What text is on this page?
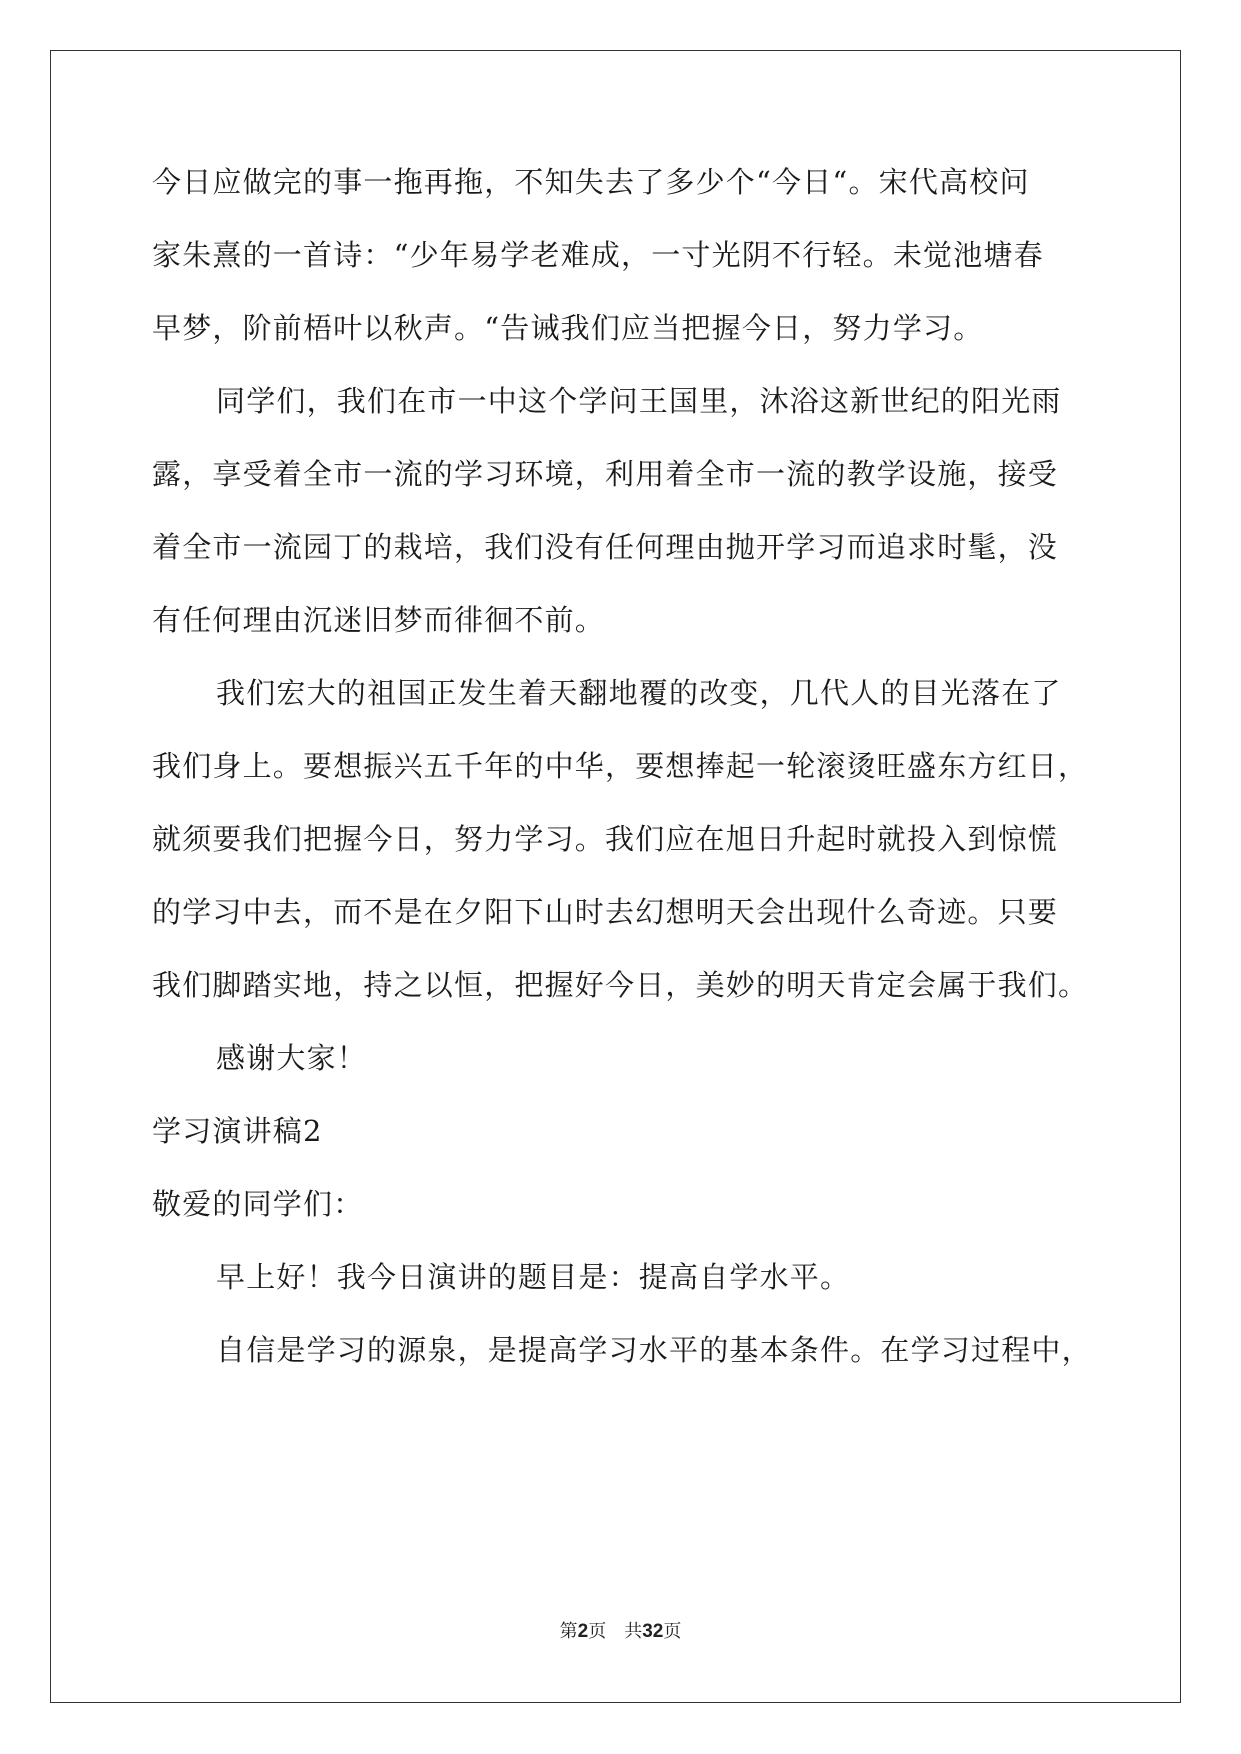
今日应做完的事一拖再拖，不知失去了多少个“今日“。宋代高校问
家朱熹的一首诗：“少年易学老难成，一寸光阴不行轻。未觉池塘春
早梦，阶前梧叶以秋声。“告诫我们应当把握今日，努力学习。
同学们，我们在市一中这个学问王国里，沐浴这新世纪的阳光雨
露，享受着全市一流的学习环境，利用着全市一流的教学设施，接受
着全市一流园丁的栽培，我们没有任何理由抛开学习而追求时髦，没
有任何理由沉迷旧梦而徘徊不前。
我们宏大的祖国正发生着天翻地覆的改变，几代人的目光落在了
我们身上。要想振兴五千年的中华，要想捧起一轮滚烫旺盛东方红日，
就须要我们把握今日，努力学习。我们应在旭日升起时就投入到惊慌
的学习中去，而不是在夕阳下山时去幻想明天会出现什么奇迹。只要
我们脚踏实地，持之以恒，把握好今日，美妙的明天肯定会属于我们。
感谢大家！
学习演讲稿2
敬爱的同学们：
早上好！我今日演讲的题目是：提高自学水平。
自信是学习的源泉，是提高学习水平的基本条件。在学习过程中，
第2页 共32页
